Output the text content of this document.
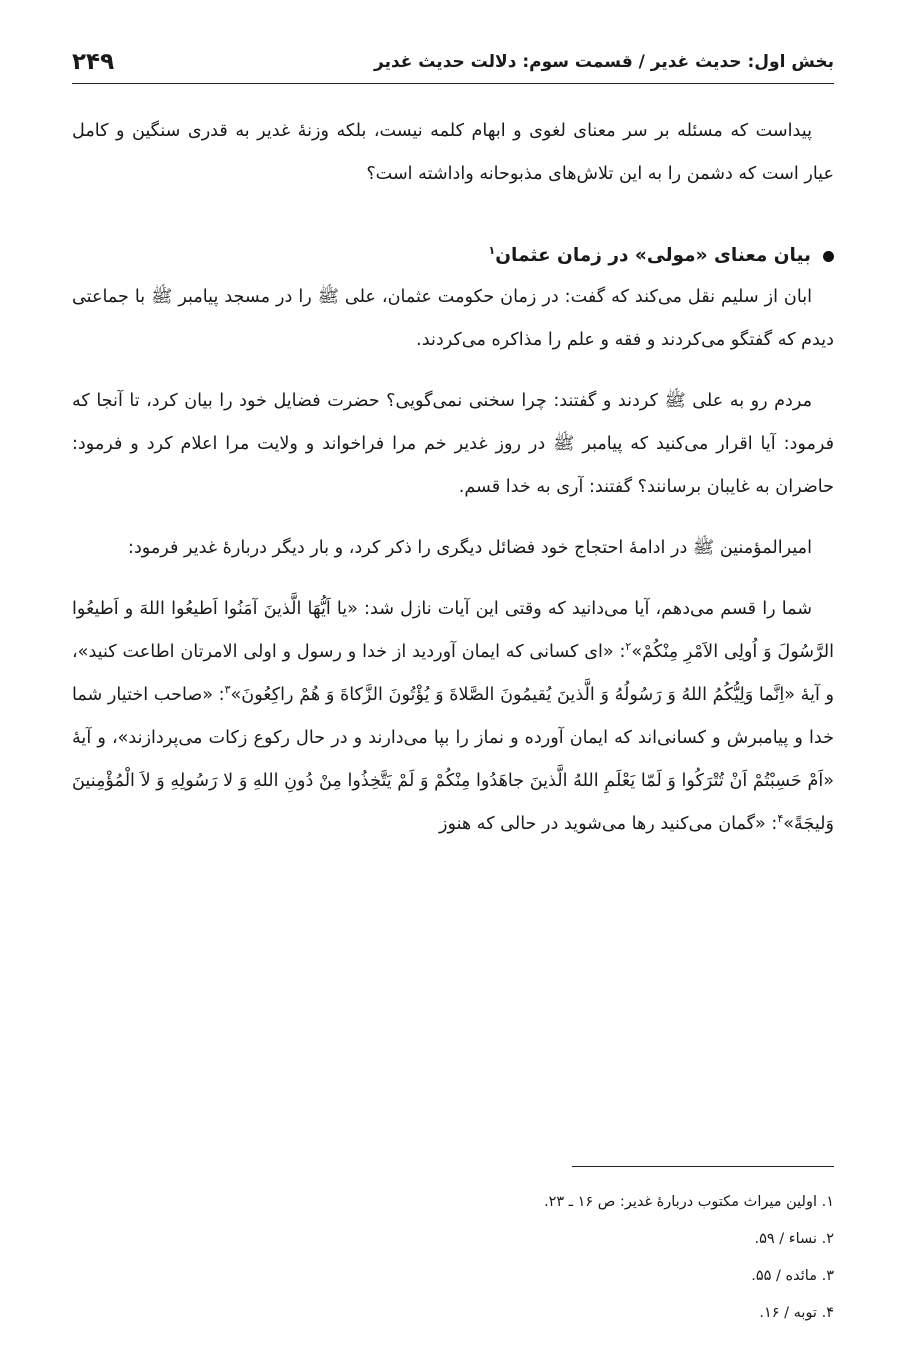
بخش اول: حدیث غدیر / قسمت سوم: دلالت حدیث غدیر
۲۴۹

پیداست که مسئله بر سر معنای لغوی و ابهام کلمه نیست، بلکه وزنۀ غدیر به قدری سنگین و کامل عیار است که دشمن را به این تلاش‌های مذبوحانه واداشته است؟

بیان معنای «مولی» در زمان عثمان$^۱$

ابان از سلیم نقل می‌کند که گفت: در زمان حکومت عثمان، علی ﷺ را در مسجد پیامبر ﷺ با جماعتی دیدم که گفتگو می‌کردند و فقه و علم را مذاکره می‌کردند.

مردم رو به علی ﷺ کردند و گفتند: چرا سخنی نمی‌گویی؟ حضرت فضایل خود را بیان کرد، تا آنجا که فرمود: آیا اقرار می‌کنید که پیامبر ﷺ در روز غدیر خم مرا فراخواند و ولایت مرا اعلام کرد و فرمود: حاضران به غایبان برسانند؟ گفتند: آری به خدا قسم.

امیرالمؤمنین ﷺ در ادامۀ احتجاج خود فضائل دیگری را ذکر کرد، و بار دیگر دربارۀ غدیر فرمود:

شما را قسم می‌دهم، آیا می‌دانید که وقتی این آیات نازل شد: «یا اَیُّهَا الَّذینَ آمَنُوا اَطیعُوا اللهَ و اَطیعُوا الرَّسُولَ وَ اُولِی الاَمْرِ مِنْکُمْ»$^۲$: «ای کسانی که ایمان آوردید از خدا و رسول و اولی الامرتان اطاعت کنید»، و آیۀ «اِنَّما وَلِیُّکُمُ اللهُ وَ رَسُولُهُ وَ الَّذینَ یُقیمُونَ الصَّلاةَ وَ یُؤْتُونَ الزَّکاةَ وَ هُمْ راکِعُونَ»$^۳$: «صاحب اختیار شما خدا و پیامبرش و کسانی‌اند که ایمان آورده و نماز را بپا می‌دارند و در حال رکوع زکات می‌پردازند»، و آیۀ «اَمْ حَسِبْتُمْ اَنْ تُتْرَکُوا وَ لَمّا یَعْلَمِ اللهُ الَّذینَ جاهَدُوا مِنْکُمْ وَ لَمْ یَتَّخِذُوا مِنْ دُونِ اللهِ وَ لا رَسُولِهِ وَ لاَ الْمُؤْمِنینَ وَلیجَةً»$^۴$: «گمان می‌کنید رها می‌شوید در حالی که هنوز

۱. اولین میراث مکتوب دربارۀ غدیر: ص ۱۶ ـ ۲۳.

۲. نساء / ۵۹.

۳. مائده / ۵۵.

۴. توبه / ۱۶.
